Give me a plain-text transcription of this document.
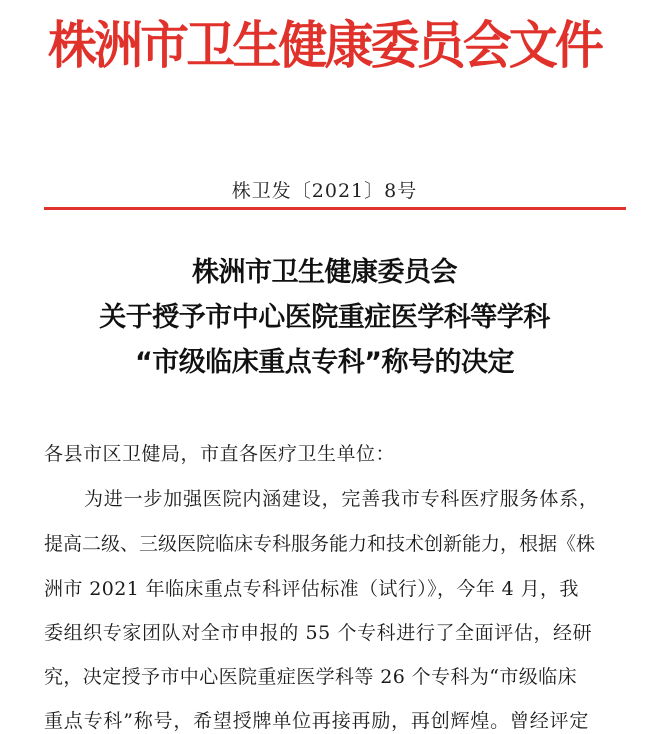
株洲市卫生健康委员会文件
株卫发〔2021〕8号
株洲市卫生健康委员会
关于授予市中心医院重症医学科等学科
“市级临床重点专科”称号的决定
各县市区卫健局，市直各医疗卫生单位：
为进一步加强医院内涵建设，完善我市专科医疗服务体系，
提高二级、三级医院临床专科服务能力和技术创新能力，根据《株
洲市 2021 年临床重点专科评估标准（试行）》，今年 4 月，我
委组织专家团队对全市申报的 55 个专科进行了全面评估，经研
究，决定授予市中心医院重症医学科等 26 个专科为“市级临床
重点专科”称号，希望授牌单位再接再励，再创辉煌。曾经评定
